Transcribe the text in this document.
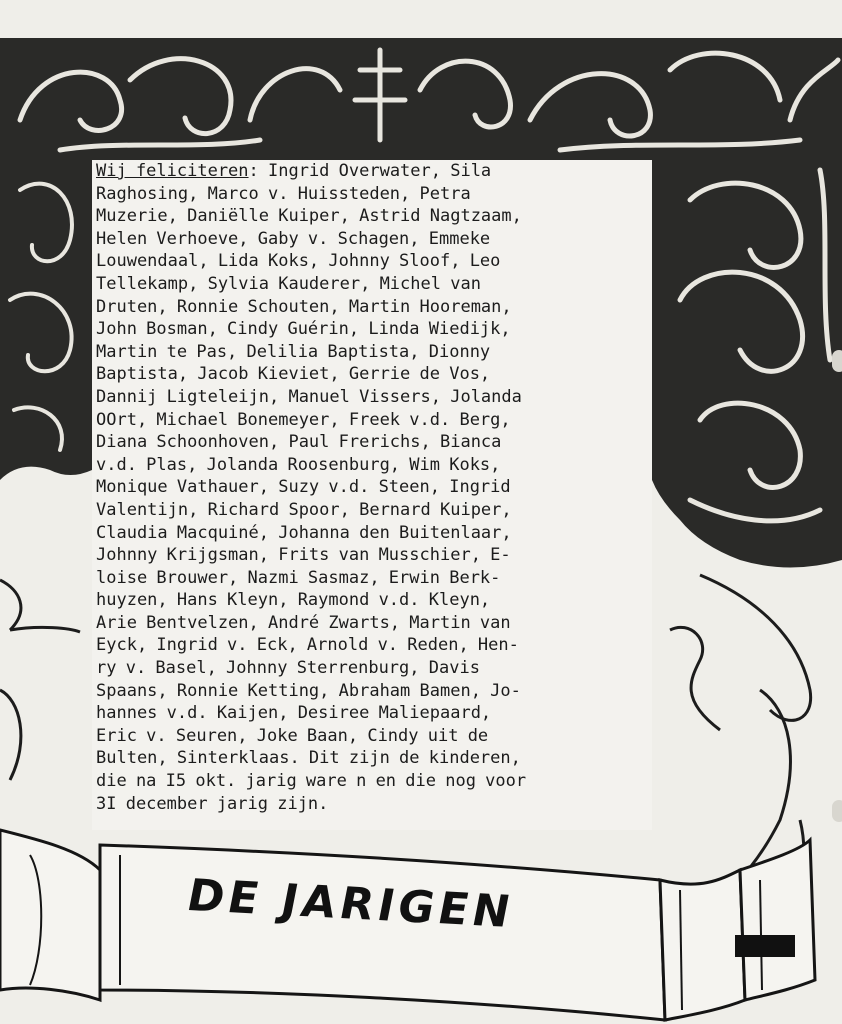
Wij feliciteren: Ingrid Overwater, Sila
Raghosing, Marco v. Huissteden, Petra
Muzerie, Daniëlle Kuiper, Astrid Nagtzaam,
Helen Verhoeve, Gaby v. Schagen, Emmeke
Louwendaal, Lida Koks, Johnny Sloof, Leo
Tellekamp, Sylvia Kauderer, Michel van
Druten, Ronnie Schouten, Martin Hooreman,
John Bosman, Cindy Guérin, Linda Wiedijk,
Martin te Pas, Delilia Baptista, Dionny
Baptista, Jacob Kieviet, Gerrie de Vos,
Dannij Ligteleijn, Manuel Vissers, Jolanda
OOrt, Michael Bonemeyer, Freek v.d. Berg,
Diana Schoonhoven, Paul Frerichs, Bianca
v.d. Plas, Jolanda Roosenburg, Wim Koks,
Monique Vathauer, Suzy v.d. Steen, Ingrid
Valentijn, Richard Spoor, Bernard Kuiper,
Claudia Macquiné, Johanna den Buitenlaar,
Johnny Krijgsman, Frits van Musschier, E-
loise Brouwer, Nazmi Sasmaz, Erwin Berk-
huyzen, Hans Kleyn, Raymond v.d. Kleyn,
Arie Bentvelzen, André Zwarts, Martin van
Eyck, Ingrid v. Eck, Arnold v. Reden, Hen-
ry v. Basel, Johnny Sterrenburg, Davis
Spaans, Ronnie Ketting, Abraham Bamen, Jo-
hannes v.d. Kaijen, Desiree Maliepaard,
Eric v. Seuren, Joke Baan, Cindy uit de
Bulten, Sinterklaas. Dit zijn de kinderen,
die na I5 okt. jarig ware n en die nog voor
3I december jarig zijn.
DE JARIGEN
